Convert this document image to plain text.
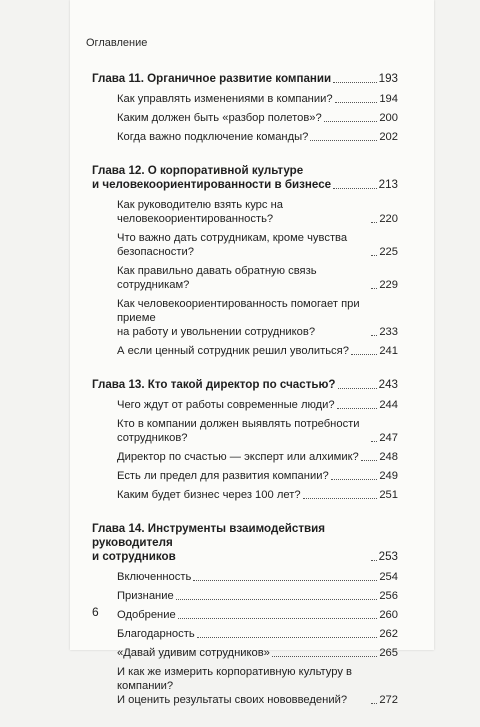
Оглавление
Глава 11. Органичное развитие компании	193
Как управлять изменениями в компании?	194
Каким должен быть «разбор полетов»?	200
Когда важно подключение команды?	202
Глава 12. О корпоративной культуре
и человекоориентированности в бизнесе	213
Как руководителю взять курс на человекоориентированность?	220
Что важно дать сотрудникам, кроме чувства безопасности?	225
Как правильно давать обратную связь сотрудникам?	229
Как человекоориентированность помогает при приеме
на работу и увольнении сотрудников?	233
А если ценный сотрудник решил уволиться?	241
Глава 13. Кто такой директор по счастью?	243
Чего ждут от работы современные люди?	244
Кто в компании должен выявлять потребности сотрудников?	247
Директор по счастью — эксперт или алхимик? 248
Есть ли предел для развития компании?	249
Каким будет бизнес через 100 лет?	251
Глава 14. Инструменты взаимодействия руководителя
и сотрудников	253
Включенность	254
Признание	256
Одобрение	260
Благодарность	262
«Давай удивим сотрудников»	265
И как же измерить корпоративную культуру в компании?
И оценить результаты своих нововведений?	272
6
